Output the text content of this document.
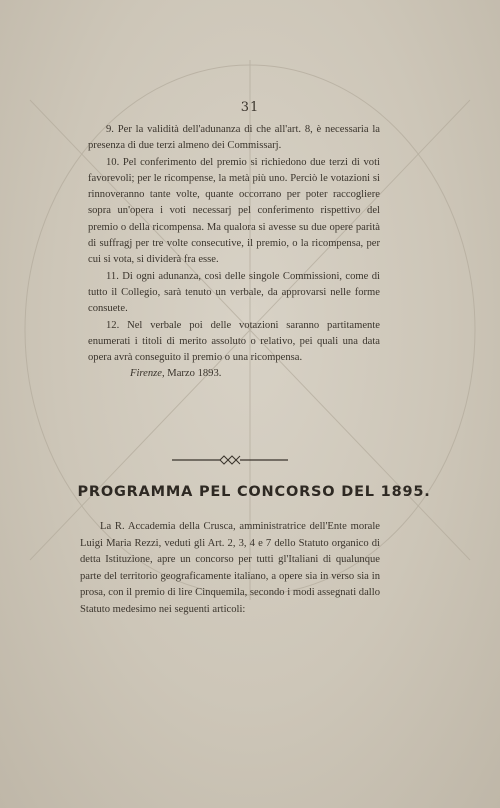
31

9. Per la validità dell'adunanza di che all'art. 8, è necessaria la presenza di due terzi almeno dei Commissarj.

10. Pel conferimento del premio si richiedono due terzi di voti favorevoli; per le ricompense, la metà più uno. Perciò le votazioni si rinnoveranno tante volte, quante occorrano per poter raccogliere sopra un'opera i voti necessarj pel conferimento rispettivo del premio o della ricompensa. Ma qualora si avesse su due opere parità di suffragj per tre volte consecutive, il premio, o la ricompensa, per cui si vota, si dividerà fra esse.

11. Di ogni adunanza, così delle singole Commissioni, come di tutto il Collegio, sarà tenuto un verbale, da approvarsi nelle forme consuete.

12. Nel verbale poi delle votazioni saranno partitamente enumerati i titoli di merito assoluto o relativo, pei quali una data opera avrà conseguito il premio o una ricompensa.

Firenze, Marzo 1893.

PROGRAMMA PEL CONCORSO DEL 1895.

La R. Accademia della Crusca, amministratrice dell'Ente morale Luigi Maria Rezzi, veduti gli Art. 2, 3, 4 e 7 dello Statuto organico di detta Istituzione, apre un concorso per tutti gl'Italiani di qualunque parte del territorio geograficamente italiano, a opere sia in verso sia in prosa, con il premio di lire Cinquemila, secondo i modi assegnati dallo Statuto medesimo nei seguenti articoli:
